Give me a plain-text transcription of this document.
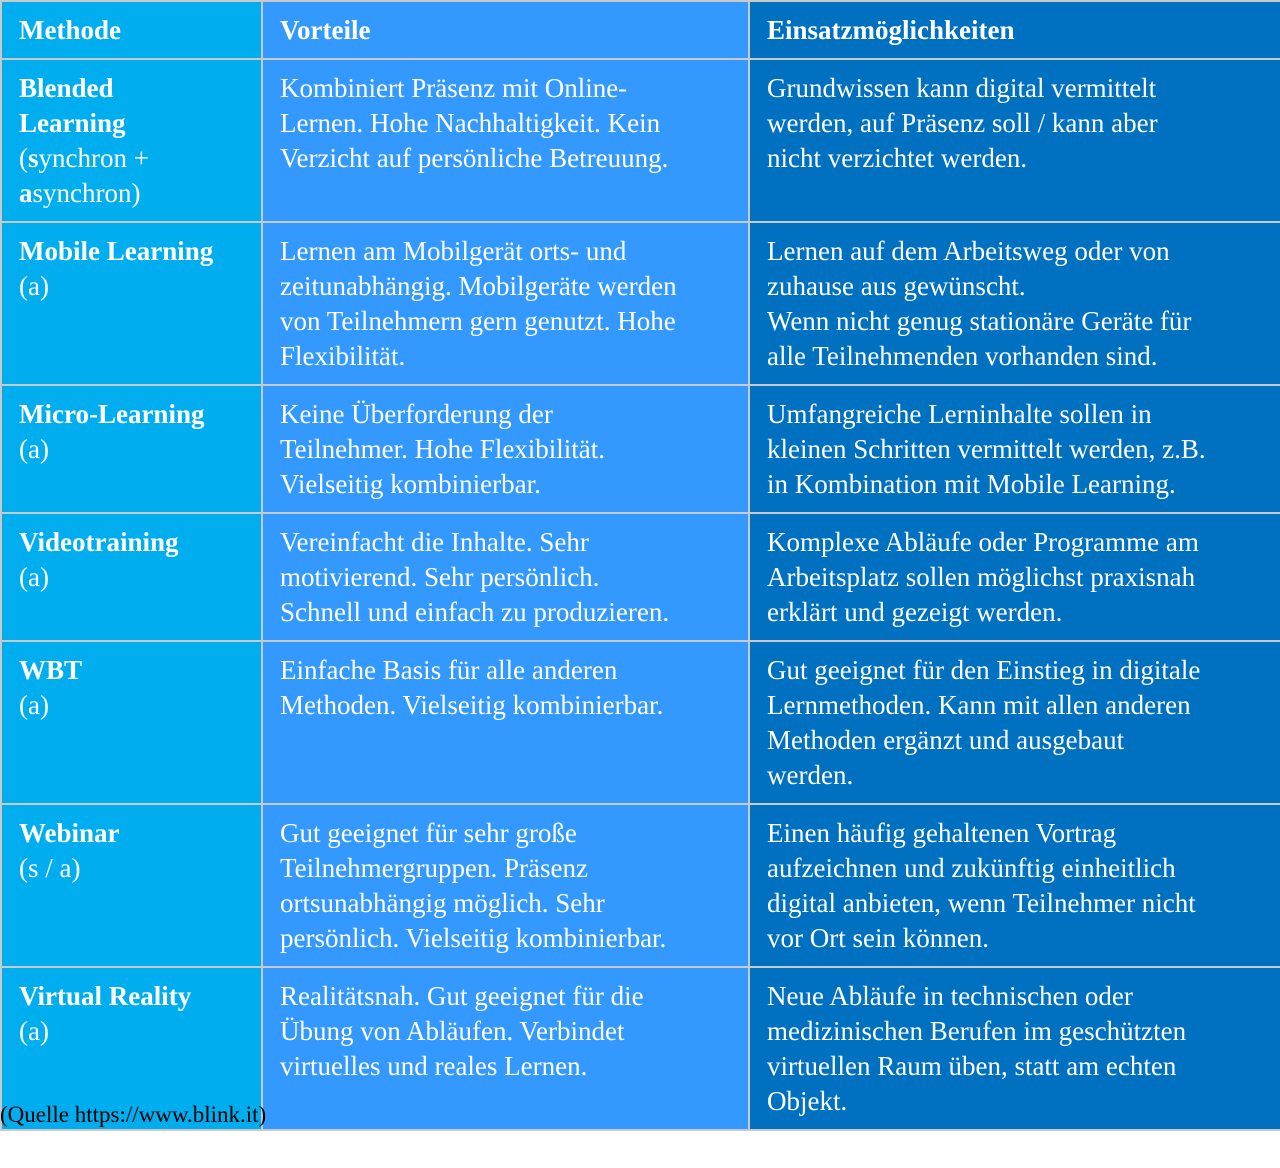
Methode	Vorteile	Einsatzmöglichkeiten

Blended
Learning
(synchron +
asynchron)	Kombiniert Präsenz mit Online-
Lernen. Hohe Nachhaltigkeit. Kein
Verzicht auf persönliche Betreuung.	Grundwissen kann digital vermittelt
werden, auf Präsenz soll / kann aber
nicht verzichtet werden.

Mobile Learning
(a)	Lernen am Mobilgerät orts- und
zeitunabhängig. Mobilgeräte werden
von Teilnehmern gern genutzt. Hohe
Flexibilität.	Lernen auf dem Arbeitsweg oder von
zuhause aus gewünscht.
Wenn nicht genug stationäre Geräte für
alle Teilnehmenden vorhanden sind.

Micro-Learning
(a)	Keine Überforderung der
Teilnehmer. Hohe Flexibilität.
Vielseitig kombinierbar.	Umfangreiche Lerninhalte sollen in
kleinen Schritten vermittelt werden, z.B.
in Kombination mit Mobile Learning.

Videotraining
(a)	Vereinfacht die Inhalte. Sehr
motivierend. Sehr persönlich.
Schnell und einfach zu produzieren.	Komplexe Abläufe oder Programme am
Arbeitsplatz sollen möglichst praxisnah
erklärt und gezeigt werden.

WBT
(a)	Einfache Basis für alle anderen
Methoden. Vielseitig kombinierbar.	Gut geeignet für den Einstieg in digitale
Lernmethoden. Kann mit allen anderen
Methoden ergänzt und ausgebaut
werden.

Webinar
(s / a)	Gut geeignet für sehr große
Teilnehmergruppen. Präsenz
ortsunabhängig möglich. Sehr
persönlich. Vielseitig kombinierbar.	Einen häufig gehaltenen Vortrag
aufzeichnen und zukünftig einheitlich
digital anbieten, wenn Teilnehmer nicht
vor Ort sein können.

Virtual Reality
(a)	Realitätsnah. Gut geeignet für die
Übung von Abläufen. Verbindet
virtuelles und reales Lernen.	Neue Abläufe in technischen oder
medizinischen Berufen im geschützten
virtuellen Raum üben, statt am echten
Objekt.
(Quelle https://www.blink.it)
